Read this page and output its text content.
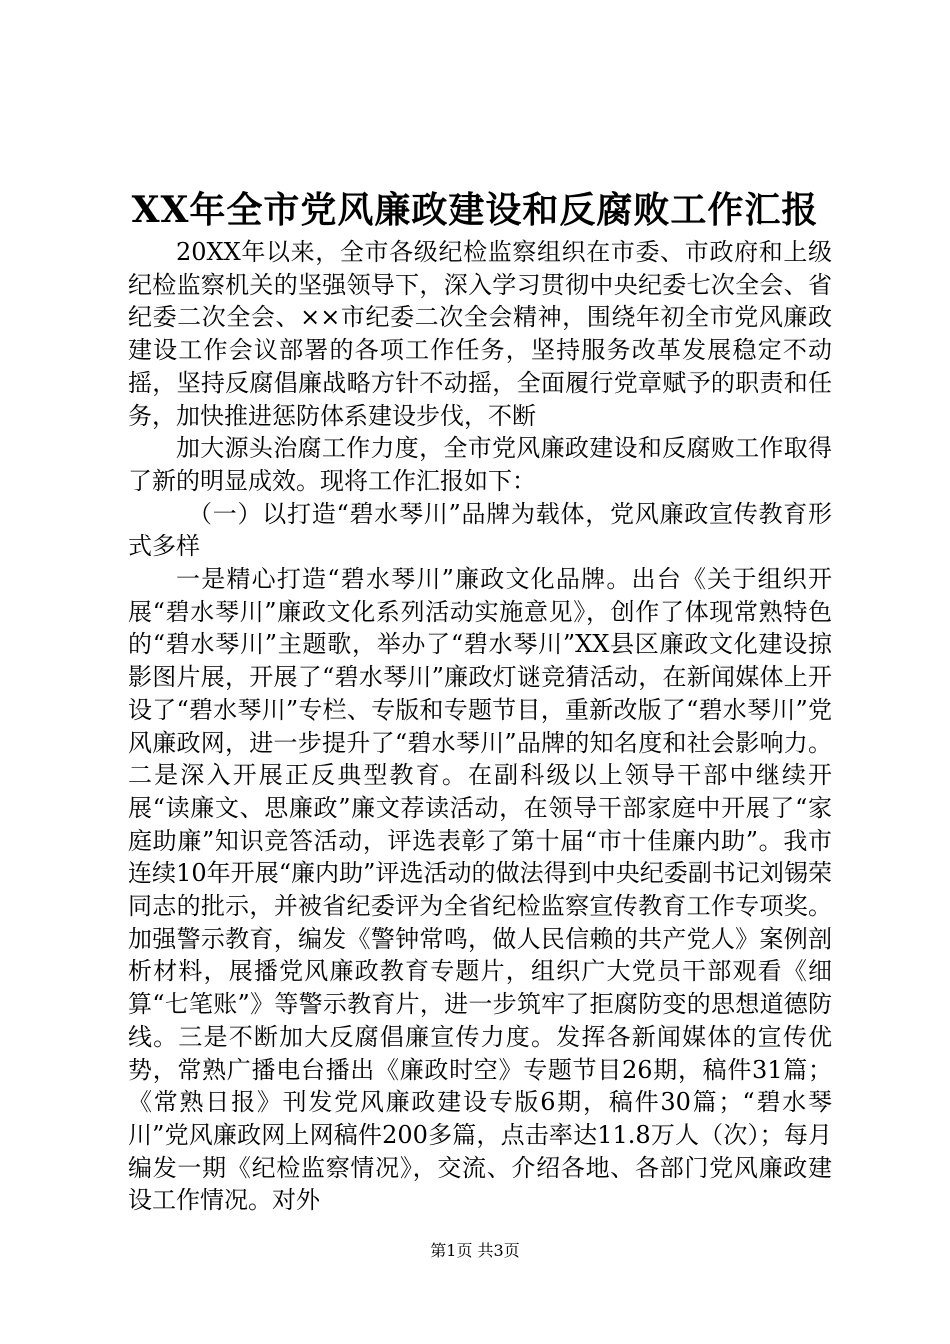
XX年全市党风廉政建设和反腐败工作汇报

20XX年以来，全市各级纪检监察组织在市委、市政府和上级纪检监察机关的坚强领导下，深入学习贯彻中央纪委七次全会、省纪委二次全会、××市纪委二次全会精神，围绕年初全市党风廉政建设工作会议部署的各项工作任务，坚持服务改革发展稳定不动摇，坚持反腐倡廉战略方针不动摇，全面履行党章赋予的职责和任务，加快推进惩防体系建设步伐，不断

加大源头治腐工作力度，全市党风廉政建设和反腐败工作取得了新的明显成效。现将工作汇报如下：

（一）以打造“碧水琴川”品牌为载体，党风廉政宣传教育形式多样

一是精心打造“碧水琴川”廉政文化品牌。出台《关于组织开展“碧水琴川”廉政文化系列活动实施意见》，创作了体现常熟特色的“碧水琴川”主题歌，举办了“碧水琴川”XX县区廉政文化建设掠影图片展，开展了“碧水琴川”廉政灯谜竞猜活动，在新闻媒体上开设了“碧水琴川”专栏、专版和专题节目，重新改版了“碧水琴川”党风廉政网，进一步提升了“碧水琴川”品牌的知名度和社会影响力。二是深入开展正反典型教育。在副科级以上领导干部中继续开展“读廉文、思廉政”廉文荐读活动，在领导干部家庭中开展了“家庭助廉”知识竞答活动，评选表彰了第十届“市十佳廉内助”。我市连续10年开展“廉内助”评选活动的做法得到中央纪委副书记刘锡荣同志的批示，并被省纪委评为全省纪检监察宣传教育工作专项奖。加强警示教育，编发《警钟常鸣，做人民信赖的共产党人》案例剖析材料，展播党风廉政教育专题片，组织广大党员干部观看《细算“七笔账”》等警示教育片，进一步筑牢了拒腐防变的思想道德防线。三是不断加大反腐倡廉宣传力度。发挥各新闻媒体的宣传优势，常熟广播电台播出《廉政时空》专题节目26期，稿件31篇；《常熟日报》刊发党风廉政建设专版6期，稿件30篇；“碧水琴川”党风廉政网上网稿件200多篇，点击率达11.8万人（次）；每月编发一期《纪检监察情况》，交流、介绍各地、各部门党风廉政建设工作情况。对外

第1页 共3页
